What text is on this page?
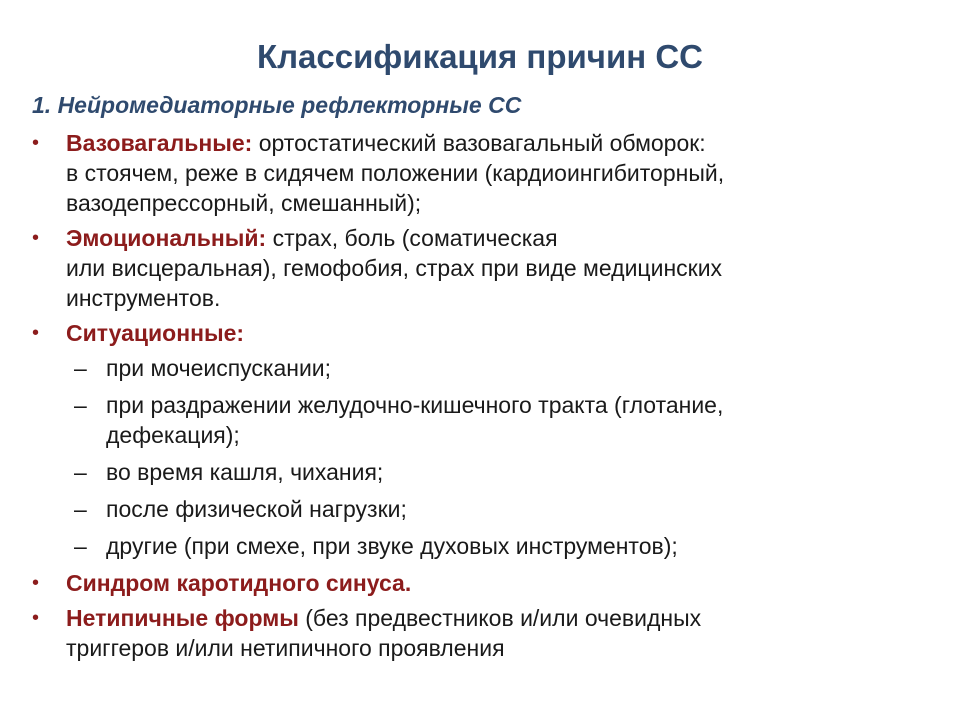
Классификация причин СС
1. Нейромедиаторные рефлекторные СС
• Вазовагальные: ортостатический вазовагальный обморок:
в стоячем, реже в сидячем положении (кардиоингибиторный,
вазодепрессорный, смешанный);
• Эмоциональный: страх, боль (соматическая
или висцеральная), гемофобия, страх при виде медицинских
инструментов.
• Ситуационные:
– при мочеиспускании;
– при раздражении желудочно-кишечного тракта (глотание,
дефекация);
– во время кашля, чихания;
– после физической нагрузки;
– другие (при смехе, при звуке духовых инструментов);
• Синдром каротидного синуса.
• Нетипичные формы (без предвестников и/или очевидных
триггеров и/или нетипичного проявления
